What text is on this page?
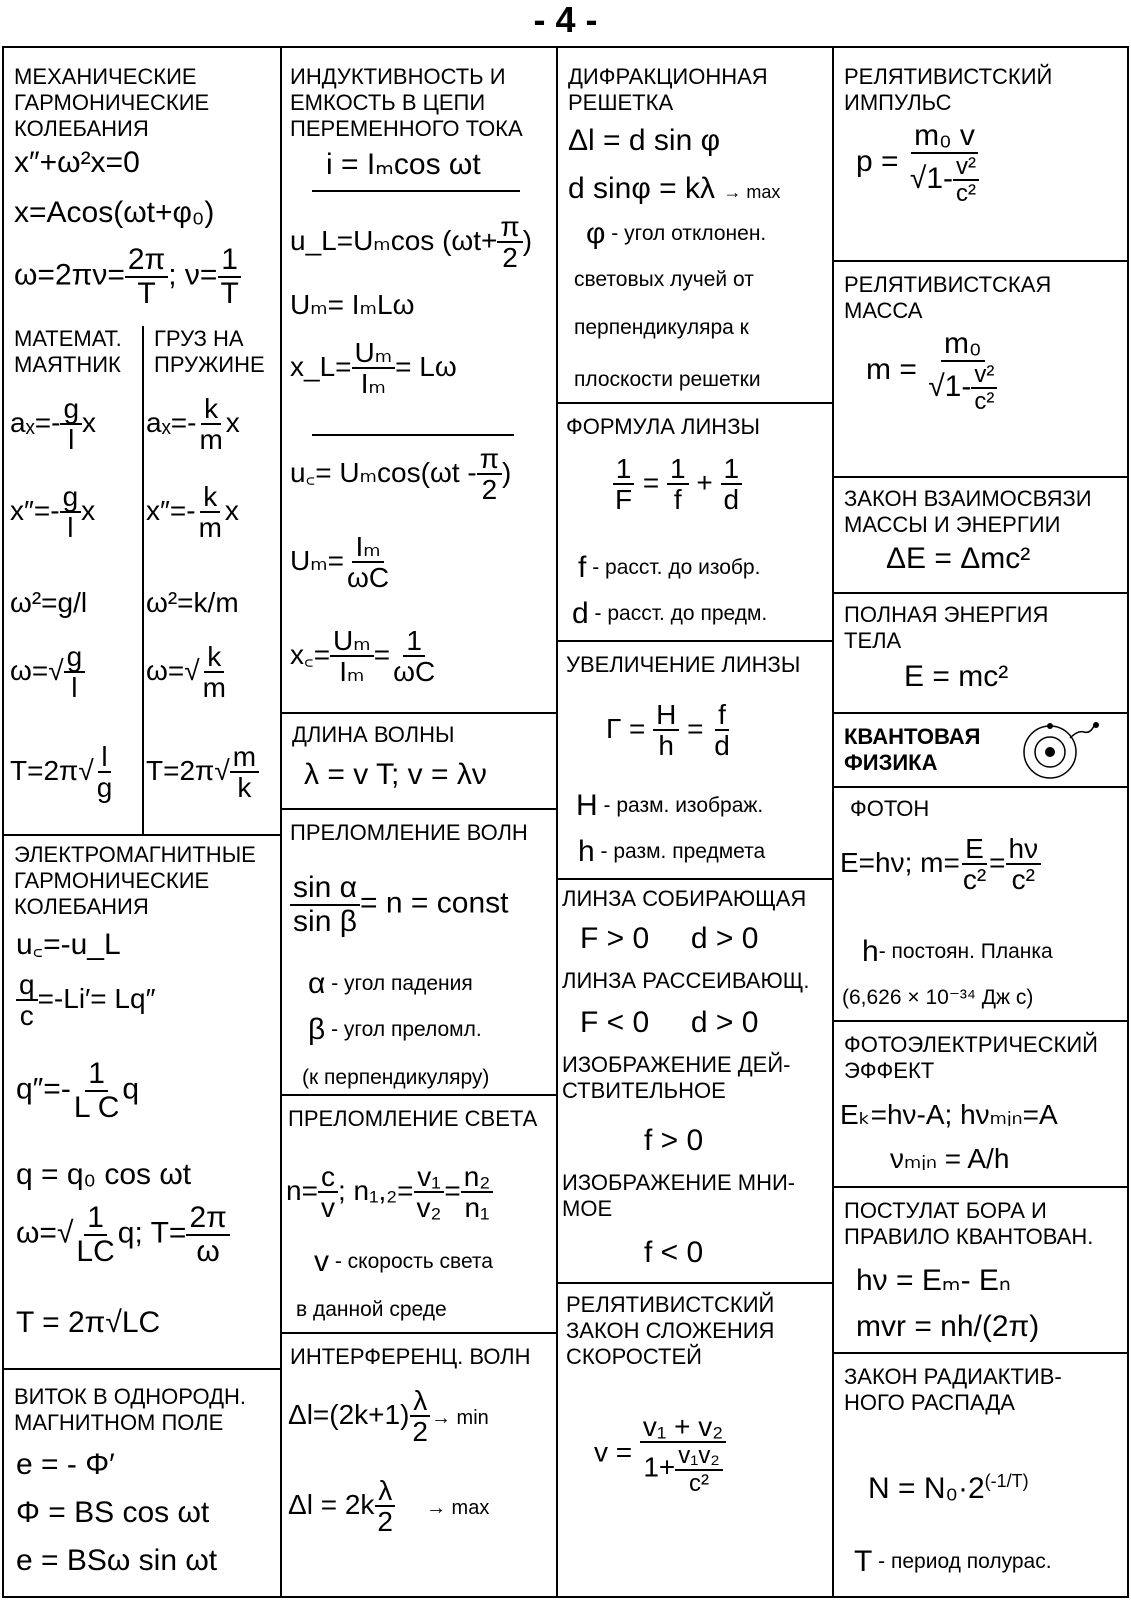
- 4 -
МЕХАНИЧЕСКИЕ
ГАРМОНИЧЕСКИЕ
КОЛЕБАНИЯ
x″+ω²x=0
x=Acos(ωt+φ₀)
$\omega=2\pi\nu= \frac{2\pi}{T}$ ; $\nu= \frac{1}{T}$
МАТЕМАТ.
МАЯТНИК
$a_x=- \frac{g}{l}$ x
$x''=- \frac{g}{l}$ x
ω²=g/l
$\omega=√ \frac{g}{l}$
$T=2\pi√ \frac{l}{g}$
ГРУЗ НА
ПРУЖИНЕ
$a_x=- \frac{k}{m}$ x
$x''=- \frac{k}{m}$ x
ω²=k/m
$\omega=√ \frac{k}{m}$
$T=2\pi√ \frac{m}{k}$
ЭЛЕКТРОМАГНИТНЫЕ
ГАРМОНИЧЕСКИЕ
КОЛЕБАНИЯ
u꜀=-u_L
$\frac{q}{c} =-Li'= Lq''$
$q''=- \frac{1}{\text{L C}}$ q
q = q₀ cos ωt
$\omega=√ \frac{1}{LC} q$; $T= \frac{2\pi}{\omega}$
T = 2π√LC
ВИТОК В ОДНОРОДН.
МАГНИТНОМ ПОЛЕ
e = - Φ′
Φ = BS cos ωt
e = BSω sin ωt
ИНДУКТИВНОСТЬ И
ЕМКОСТЬ В ЦЕПИ
ПЕРЕМЕННОГО ТОКА
i = Iₘcos ωt
u_L=Uₘcos ($\omega t+ \frac{\pi}{2}$ )
Uₘ= IₘLω
x_L= $\frac{\text{Uₘ}}{\text{Iₘ}} = L\omega$
u꜀= $U_m\cos(\omega t - \frac{\pi}{2}$ )
$U_m= \frac{\text{Iₘ}}{\omega C}$
x꜀= $\frac{\text{Uₘ}}{\text{Iₘ}} = \frac{1}{\omega C}$
ДЛИНА ВОЛНЫ
λ = v T; v = λν
ПРЕЛОМЛЕНИЕ ВОЛН
$\frac{\text{sin α}}{\text{sin β}} = n$ = const
α - угол падения
β - угол преломл.
(к перпендикуляру)
ПРЕЛОМЛЕНИЕ СВЕТА
$n= \frac{c}{v}$ ; $n_1,_2= \frac{\text{v₁}}{\text{v₂}} = \frac{\text{n₂}}{\text{n₁}}$
v - скорость света
в данной среде
ИНТЕРФЕРЕНЦ. ВОЛН
$\Delta l=(2k+1) \frac{\lambda}{2} \to \min$
$\Delta l = 2k \frac{\lambda}{2} \to \max$
ДИФРАКЦИОННАЯ
РЕШЕТКА
Δl = d sin φ
d sinφ = kλ → max
φ - угол отклонен.
световых лучей от
перпендикуляра к
плоскости решетки
ФОРМУЛА ЛИНЗЫ
$\frac{1}{F} = \frac{1}{f} + \frac{1}{d}$
f - расст. до изобр.
d - расст. до предм.
УВЕЛИЧЕНИЕ ЛИНЗЫ
$Г = \frac{H}{h} = \frac{f}{d}$
H - разм. изображ.
h - разм. предмета
ЛИНЗА СОБИРАЮЩАЯ
F > 0     d > 0
ЛИНЗА РАССЕИВАЮЩ.
F < 0     d > 0
ИЗОБРАЖЕНИЕ ДЕЙ-
СТВИТЕЛЬНОЕ
f > 0
ИЗОБРАЖЕНИЕ МНИ-
МОЕ
f < 0
РЕЛЯТИВИСТСКИЙ
ЗАКОН СЛОЖЕНИЯ
СКОРОСТЕЙ
$v = \frac{\text{v₁ + v₂}}{1+ \frac{\text{v₁v₂}}{\text{c²}}}$
РЕЛЯТИВИСТСКИЙ
ИМПУЛЬС
$p = \frac{\text{m₀ v}}{√1- \frac{\text{v²}}{\text{c²}}}$
РЕЛЯТИВИСТСКАЯ
МАССА
$m = \frac{\text{m₀}}{√1- \frac{\text{v²}}{\text{c²}}}$
ЗАКОН ВЗАИМОСВЯЗИ
МАССЫ И ЭНЕРГИИ
ΔE = Δmc²
ПОЛНАЯ ЭНЕРГИЯ
ТЕЛА
E = mc²
КВАНТОВАЯ
ФИЗИКА
ФОТОН
E=hν; $m= \frac{E}{\text{c²}} = \frac{h\nu}{\text{c²}}$
h- постоян. Планка
(6,626 × 10⁻³⁴ Дж с)
ФОТОЭЛЕКТРИЧЕСКИЙ
ЭФФЕКТ
Eₖ=hν-A; hνₘᵢₙ=A
νₘᵢₙ = A/h
ПОСТУЛАТ БОРА И
ПРАВИЛО КВАНТОВАН.
hν = Eₘ- Eₙ
mvr = nh/(2π)
ЗАКОН РАДИАКТИВ-
НОГО РАСПАДА
$N = N_0\cdot 2^{(-1/T)}$
T - период полурас.
